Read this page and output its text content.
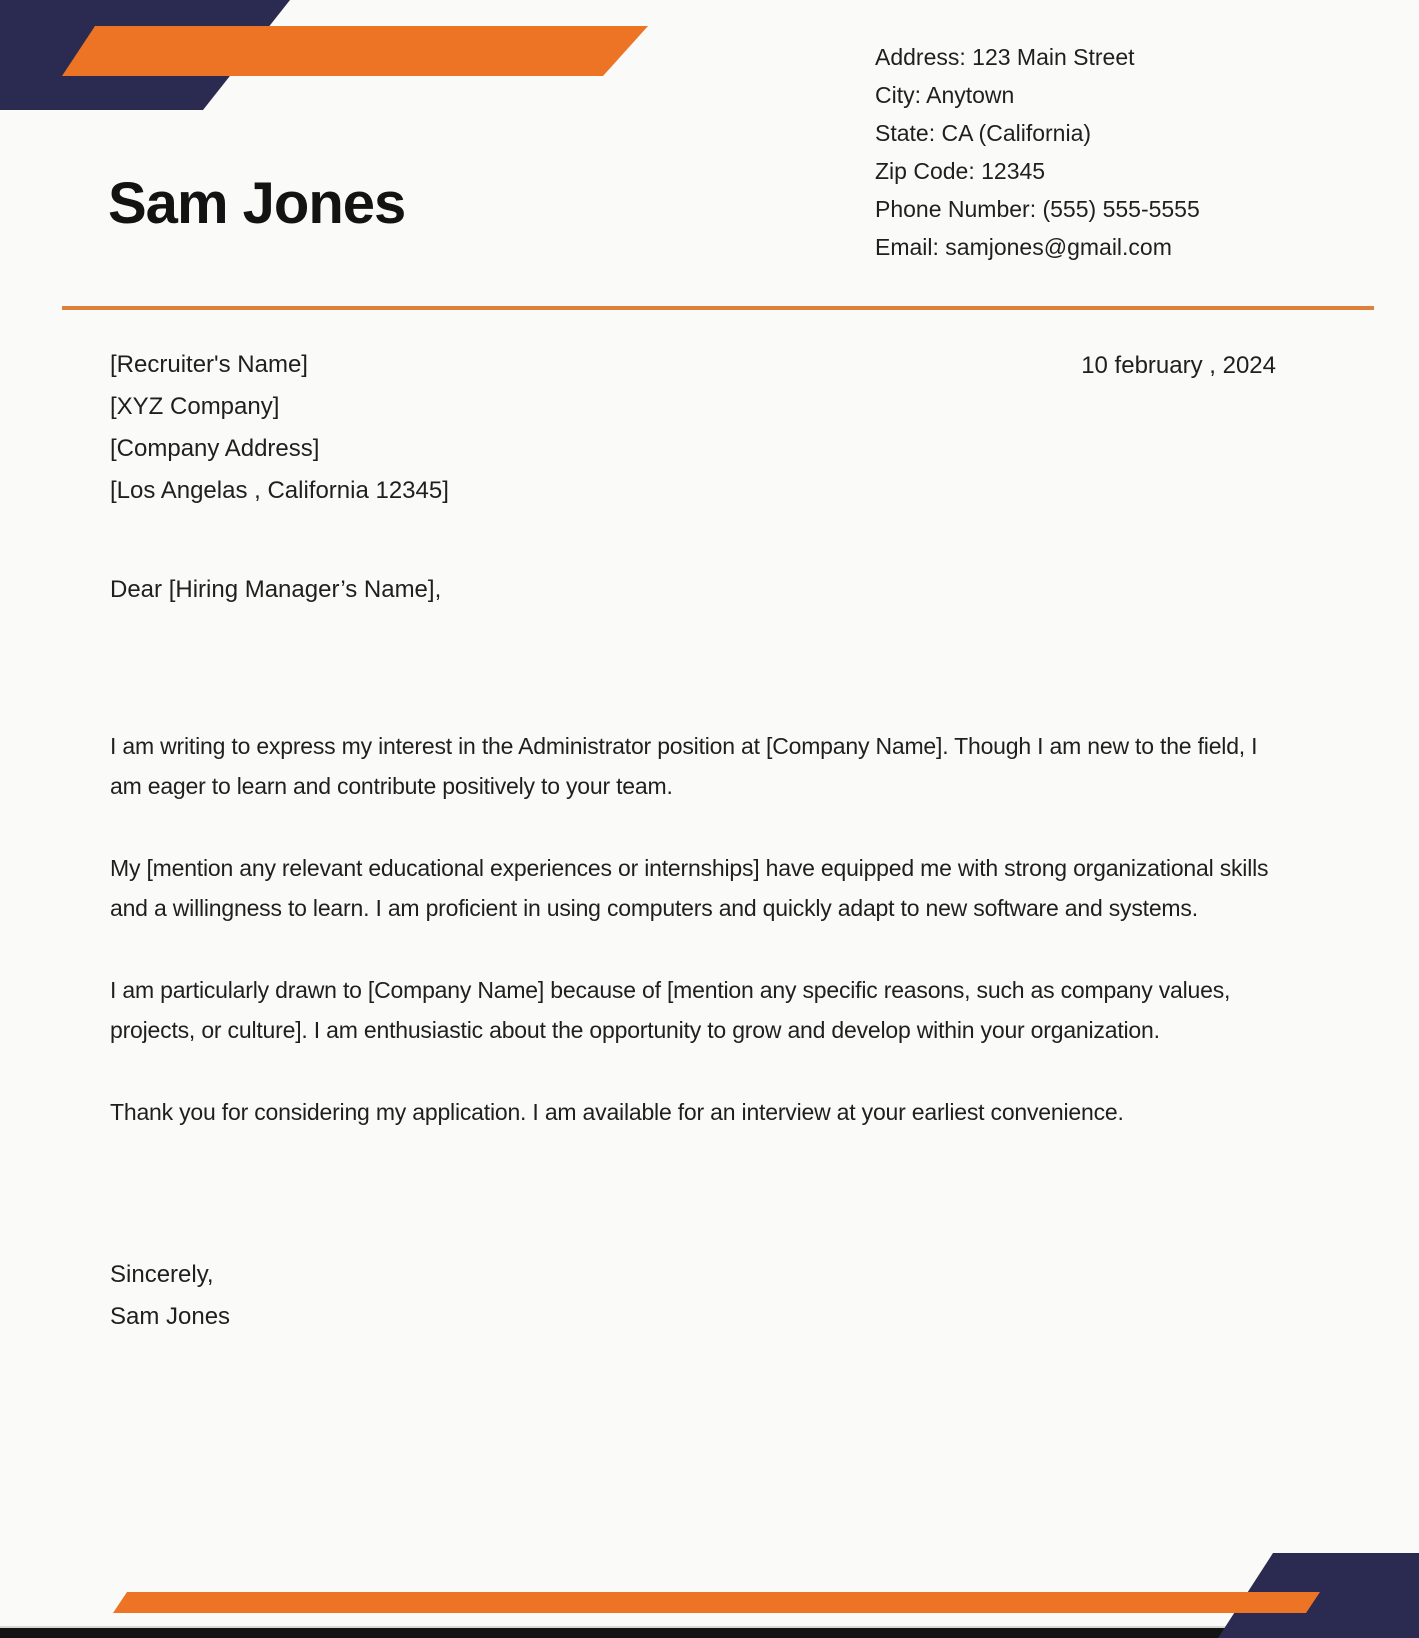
Sam Jones
Address: 123 Main Street
City: Anytown
State: CA (California)
Zip Code: 12345
Phone Number: (555) 555-5555
Email: samjones@gmail.com
10 february , 2024
[Recruiter's Name]
[XYZ Company]
[Company Address]
[Los Angelas , California 12345]
Dear [Hiring Manager’s Name],

I am writing to express my interest in the Administrator position at [Company Name]. Though I am new to the field, I am eager to learn and contribute positively to your team.

My [mention any relevant educational experiences or internships] have equipped me with strong organizational skills and a willingness to learn. I am proficient in using computers and quickly adapt to new software and systems.

I am particularly drawn to [Company Name] because of [mention any specific reasons, such as company values, projects, or culture]. I am enthusiastic about the opportunity to grow and develop within your organization.

Thank you for considering my application. I am available for an interview at your earliest convenience.

Sincerely,
Sam Jones
